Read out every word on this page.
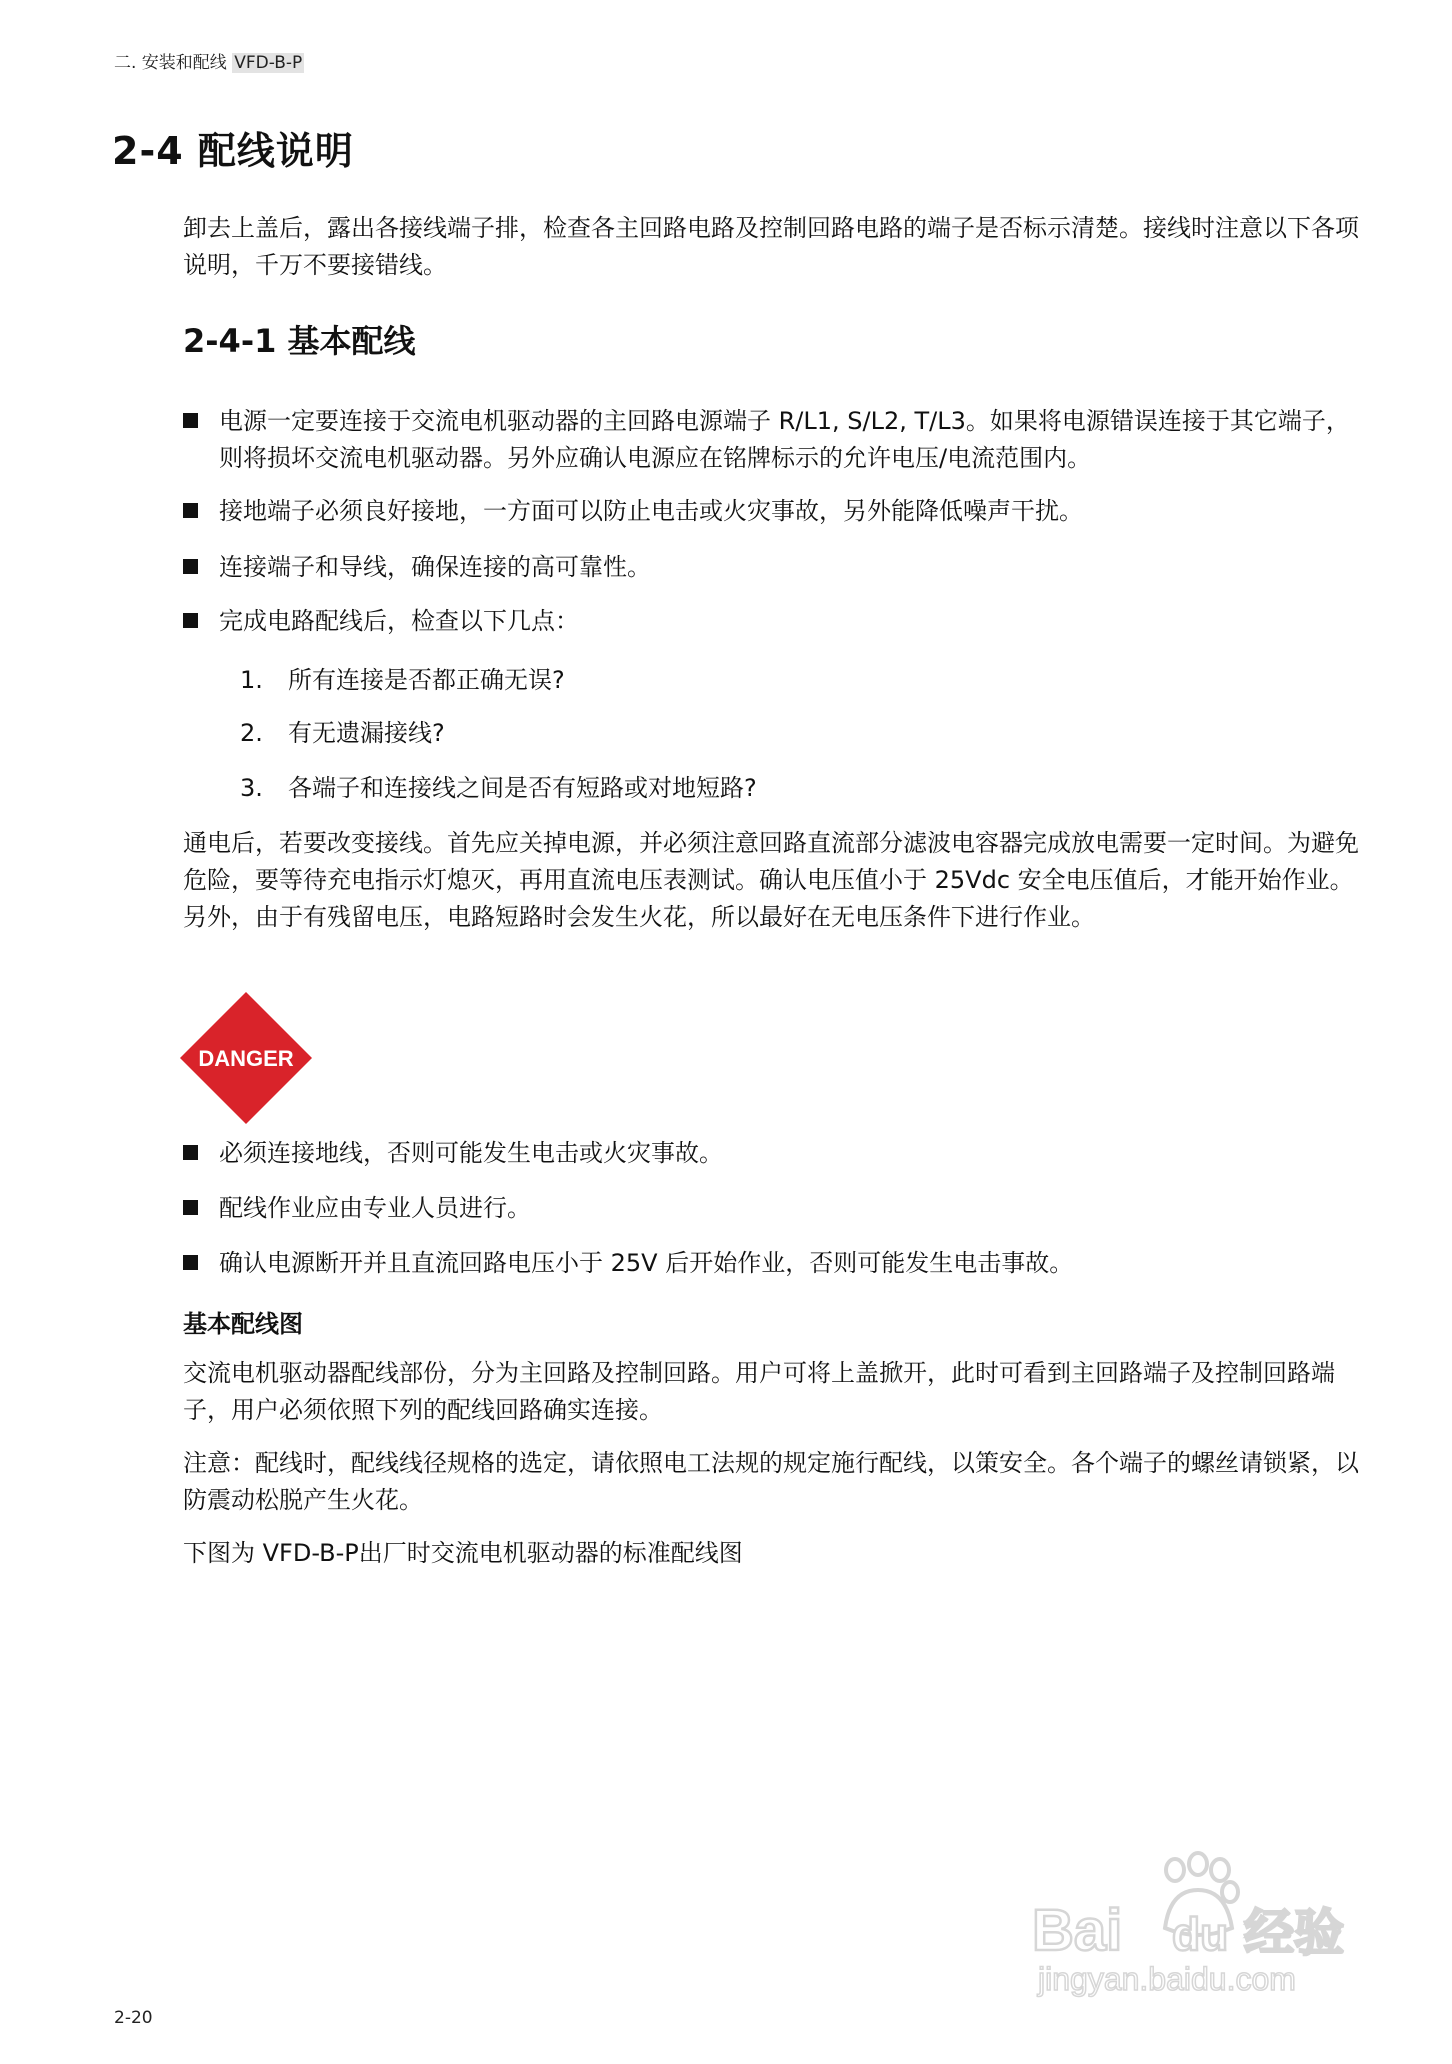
二. 安装和配线 VFD-B-P
2-4 配线说明
卸去上盖后，露出各接线端子排，检查各主回路电路及控制回路电路的端子是否标示清楚。接线时注意以下各项说明，千万不要接错线。
2-4-1 基本配线
电源一定要连接于交流电机驱动器的主回路电源端子 R/L1, S/L2, T/L3。如果将电源错误连接于其它端子，则将损坏交流电机驱动器。另外应确认电源应在铭牌标示的允许电压/电流范围内。
接地端子必须良好接地，一方面可以防止电击或火灾事故，另外能降低噪声干扰。
连接端子和导线，确保连接的高可靠性。
完成电路配线后，检查以下几点：
1. 所有连接是否都正确无误?
2. 有无遗漏接线?
3. 各端子和连接线之间是否有短路或对地短路?
通电后，若要改变接线。首先应关掉电源，并必须注意回路直流部分滤波电容器完成放电需要一定时间。为避免危险，要等待充电指示灯熄灭，再用直流电压表测试。确认电压值小于 25Vdc 安全电压值后，才能开始作业。另外，由于有残留电压，电路短路时会发生火花，所以最好在无电压条件下进行作业。
DANGER
必须连接地线，否则可能发生电击或火灾事故。
配线作业应由专业人员进行。
确认电源断开并且直流回路电压小于 25V 后开始作业，否则可能发生电击事故。
基本配线图
交流电机驱动器配线部份，分为主回路及控制回路。用户可将上盖掀开，此时可看到主回路端子及控制回路端子，用户必须依照下列的配线回路确实连接。
注意：配线时，配线线径规格的选定，请依照电工法规的规定施行配线，以策安全。各个端子的螺丝请锁紧，以防震动松脱产生火花。
下图为 VFD-B-P出厂时交流电机驱动器的标准配线图
2-20
Bai du 经验
jingyan.baidu.com
